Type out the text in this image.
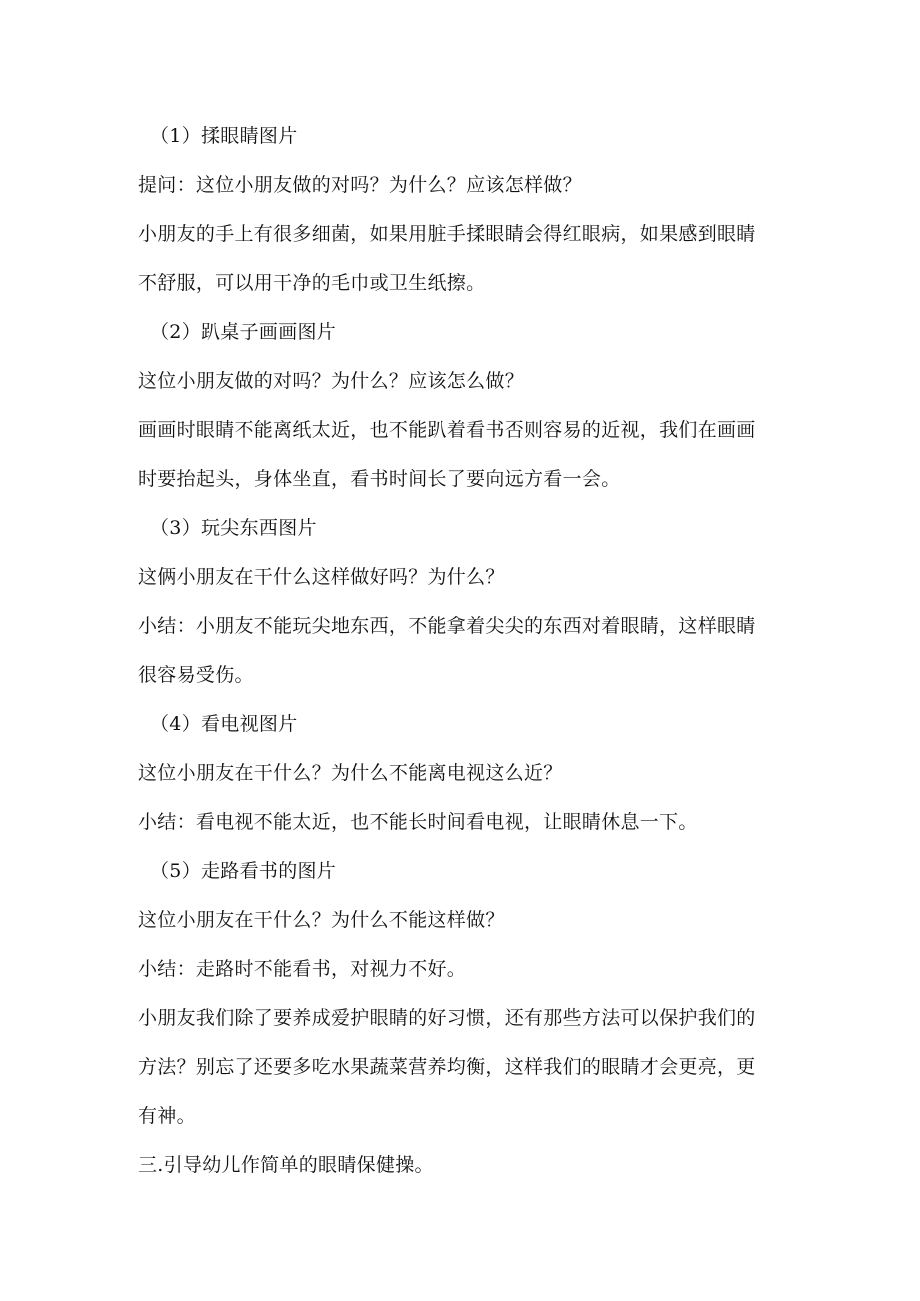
（1）揉眼睛图片

提问：这位小朋友做的对吗？为什么？应该怎样做？

小朋友的手上有很多细菌，如果用脏手揉眼睛会得红眼病，如果感到眼睛

不舒服，可以用干净的毛巾或卫生纸擦。

（2）趴桌子画画图片

这位小朋友做的对吗？为什么？应该怎么做？

画画时眼睛不能离纸太近，也不能趴着看书否则容易的近视，我们在画画

时要抬起头，身体坐直，看书时间长了要向远方看一会。

（3）玩尖东西图片

这俩小朋友在干什么这样做好吗？为什么？

小结：小朋友不能玩尖地东西，不能拿着尖尖的东西对着眼睛，这样眼睛

很容易受伤。

（4）看电视图片

这位小朋友在干什么？为什么不能离电视这么近？

小结：看电视不能太近，也不能长时间看电视，让眼睛休息一下。

（5）走路看书的图片

这位小朋友在干什么？为什么不能这样做？

小结：走路时不能看书，对视力不好。

小朋友我们除了要养成爱护眼睛的好习惯，还有那些方法可以保护我们的

方法？别忘了还要多吃水果蔬菜营养均衡，这样我们的眼睛才会更亮，更

有神。

三.引导幼儿作简单的眼睛保健操。
